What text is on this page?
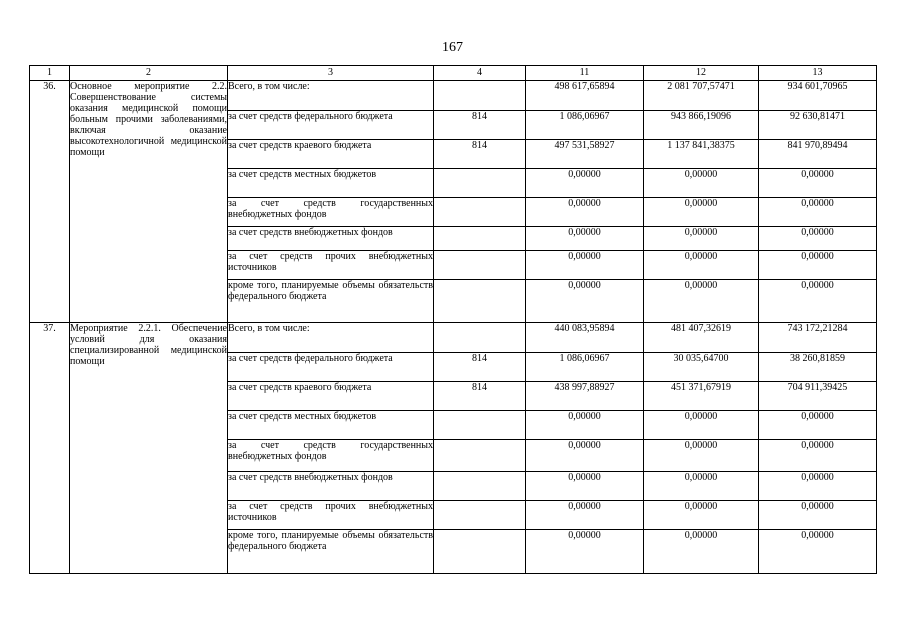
167
1	2	3	4	11	12	13
36.	Основное мероприятие 2.2. Совершенствование системы оказания медицинской помощи больным прочими заболеваниями, включая оказание высокотехнологичной медицинской помощи	Всего, в том числе:		498 617,65894	2 081 707,57471	934 601,70965
		за счет средств федерального бюджета	814	1 086,06967	943 866,19096	92 630,81471
		за счет средств краевого бюджета	814	497 531,58927	1 137 841,38375	841 970,89494
		за счет средств местных бюджетов		0,00000	0,00000	0,00000
		за счет средств государственных внебюджетных фондов		0,00000	0,00000	0,00000
		за счет средств внебюджетных фондов		0,00000	0,00000	0,00000
		за счет средств прочих внебюджетных источников		0,00000	0,00000	0,00000
		кроме того, планируемые объемы обязательств федерального бюджета		0,00000	0,00000	0,00000
37.	Мероприятие 2.2.1. Обеспечение условий для оказания специализированной медицинской помощи	Всего, в том числе:		440 083,95894	481 407,32619	743 172,21284
		за счет средств федерального бюджета	814	1 086,06967	30 035,64700	38 260,81859
		за счет средств краевого бюджета	814	438 997,88927	451 371,67919	704 911,39425
		за счет средств местных бюджетов		0,00000	0,00000	0,00000
		за счет средств государственных внебюджетных фондов		0,00000	0,00000	0,00000
		за счет средств внебюджетных фондов		0,00000	0,00000	0,00000
		за счет средств прочих внебюджетных источников		0,00000	0,00000	0,00000
		кроме того, планируемые объемы обязательств федерального бюджета		0,00000	0,00000	0,00000
